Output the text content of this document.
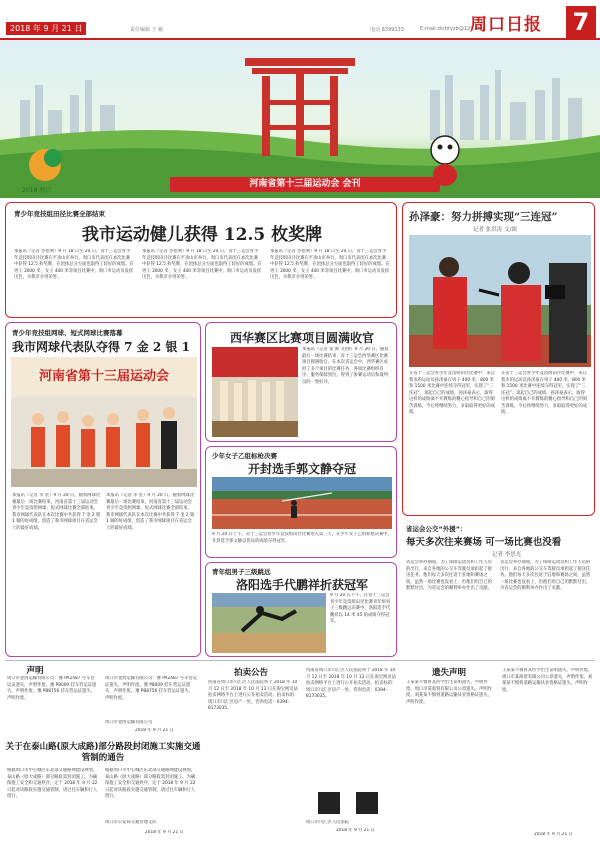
2018 年 9 月 21 日	责任编辑 王 颖	电话 8399133	E-mail:zkrbtyzb@126.com
周口日报 7
2018·周口
河南省第十三届运动会 会刊
青少年竞技组田径比赛全部结束
我市运动健儿获得 12.5 枚奖牌
本报讯（记者 李思利）9 月 18 日至 20 日，省十三运会青少年竞技组田径比赛在平顶山市举行。周口市代表团在本次比赛中获得 12.5 枚奖牌，在团体总分方面也取得了较好的成绩。在男子 3000 米、女子 400 米等项目比赛中，周口市运动员发挥出色，为我市争得荣誉。
本报讯（记者 李思利）9 月 18 日至 20 日，省十三运会青少年竞技组田径比赛在平顶山市举行。周口市代表团在本次比赛中获得 12.5 枚奖牌，在团体总分方面也取得了较好的成绩。在男子 3000 米、女子 400 米等项目比赛中，周口市运动员发挥出色，为我市争得荣誉。
本报讯（记者 李思利）9 月 18 日至 20 日，省十三运会青少年竞技组田径比赛在平顶山市举行。周口市代表团在本次比赛中获得 12.5 枚奖牌，在团体总分方面也取得了较好的成绩。在男子 3000 米、女子 400 米等项目比赛中，周口市运动员发挥出色，为我市争得荣誉。
青少年竞技组网球、短式网球比赛落幕
我市网球代表队夺得 7 金 2 银 1
河南省第十三届运动会
本报讯（记者 李 星）9 月 20 日，随着网球比赛最后一场比赛结束，河南省第十三届运动会青少年竞技组网球、短式网球比赛全部结束。我市网球代表队在本次比赛中共获得 7 金 2 银 1 铜的好成绩，创造了我市网球项目在省运会上的最好成绩。
本报讯（记者 李 星）9 月 20 日，随着网球比赛最后一场比赛结束，河南省第十三届运动会青少年竞技组网球、短式网球比赛全部结束。我市网球代表队在本次比赛中共获得 7 金 2 银 1 铜的好成绩，创造了我市网球项目在省运会上的最好成绩。
西华赛区比赛项目圆满收官
本报讯（记者 张 源 文/图）9 月 20 日，随着最后一场比赛结束，省十三运会西华赛区比赛项目圆满收官。在本次省运会中，西华赛区承担了多个项目的比赛任务，各项比赛组织有序、服务保障到位，得到了参赛运动员和裁判员的一致好评。
少年女子乙组标枪决赛
开封选手郭文静夺冠
9 月 20 日上午，省十三运会青少年竞技组田径比赛进入第三天，在少年女子乙组标枪决赛中，开封选手郭文静以优异的成绩夺得冠军。
青年组男子三级跳远
洛阳选手代鹏祥折获冠军
9 月 20 日下午，在省十三运会青少年竞技组田径比赛青年组男子三级跳远决赛中，洛阳选手代鹏祥以 14 米 45 的成绩夺得冠军。
孙泽豪：努力拼搏实现“三连冠”
记者 张洪涛 文/图
在省十三运会青少年竞技组田径比赛中，来自我市的运动员孙泽豪在男子 400 米、800 米和 1500 米比赛中连续夺得冠军，实现了“三连冠”。谈起自己的成绩，孙泽豪表示，取得这样的成绩离不开教练的精心指导和自己的刻苦训练，今后将继续努力，争取取得更好的成绩。
在省十三运会青少年竞技组田径比赛中，来自我市的运动员孙泽豪在男子 400 米、800 米和 1500 米比赛中连续夺得冠军，实现了“三连冠”。谈起自己的成绩，孙泽豪表示，取得这样的成绩离不开教练的精心指导和自己的刻苦训练，今后将继续努力，争取取得更好的成绩。
省运会公交“外援”：
每天多次往来赛场 可一场比赛也没看
记者 李思光
省运会举办期间，为了保障运动员和工作人员的出行，来自各地的公交车驾驶员承担起了接送任务。他们每天多次往返于驻地和赛场之间，虽然一场比赛也没看上，但他们用自己的默默付出，为省运会的顺利举办作出了贡献。
省运会举办期间，为了保障运动员和工作人员的出行，来自各地的公交车驾驶员承担起了接送任务。他们每天多次往返于驻地和赛场之间，虽然一场比赛也没看上，但他们用自己的默默付出，为省运会的顺利举办作出了贡献。
声明
周口市金湾运输有限公司：豫 PA2487 号车营运证遗失，声明作废。豫 P8009 挂车营运证遗失，声明作废。豫 PB8756 挂车营运证遗失，声明作废。
周口市金湾运输有限公司：豫 PA2487 号车营运证遗失，声明作废。豫 P8009 挂车营运证遗失，声明作废。豫 PB8756 挂车营运证遗失，声明作废。
周口市金湾运输有限公司
2018 年 9 月 21 日
关于在泰山路(原大成路)部分路段封闭施工实施交通管制的通告
根据周口市中心城区东北部交通路网建设规划，泰山路（原大成路）部分路段需封闭施工。为确保施工安全和交通秩序，定于 2018 年 9 月 22 日起对该路段实施交通管制，请过往车辆和行人绕行。
根据周口市中心城区东北部交通路网建设规划，泰山路（原大成路）部分路段需封闭施工。为确保施工安全和交通秩序，定于 2018 年 9 月 22 日起对该路段实施交通管制，请过往车辆和行人绕行。
周口市公安局交通管理支队
2018 年 9 月 21 日
拍卖公告
河南省周口市川汇区人民法院将于 2018 年 10 月 12 日至 2018 年 10 月 13 日在淘宝网司法拍卖网络平台上进行公开拍卖活动。拍卖标的：周口市川汇区房产一处。咨询电话：0394-8173035。
河南省周口市川汇区人民法院将于 2018 年 10 月 12 日至 2018 年 10 月 13 日在淘宝网司法拍卖网络平台上进行公开拍卖活动。拍卖标的：周口市川汇区房产一处。咨询电话：0394-8173035。
周口市川汇区人民法院
2018 年 9 月 21 日
遗失声明
王某某不慎将其医学出生证明遗失，声明作废。周口市某商贸有限公司公章遗失，声明作废。刘某某不慎将道路运输从业资格证遗失，声明作废。
王某某不慎将其医学出生证明遗失，声明作废。周口市某商贸有限公司公章遗失，声明作废。刘某某不慎将道路运输从业资格证遗失，声明作废。
2018 年 9 月 21 日
